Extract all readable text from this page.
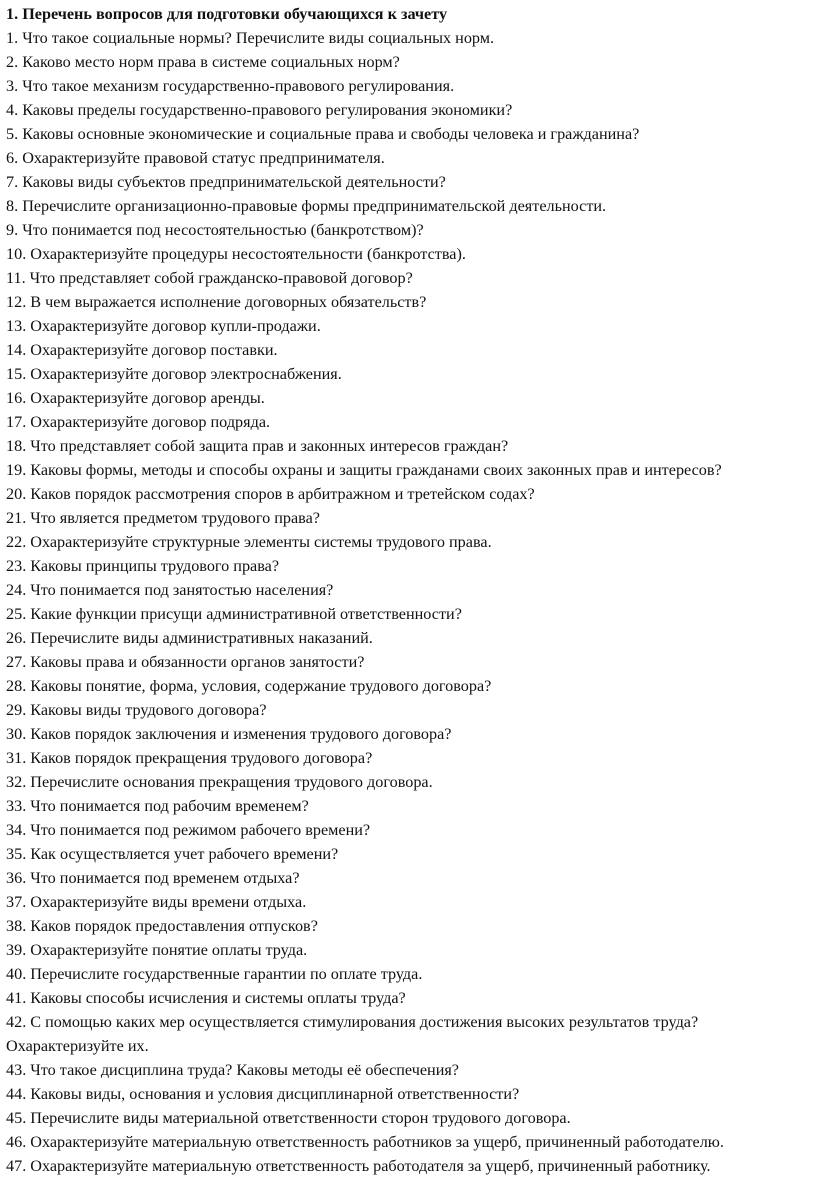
1. Перечень вопросов для подготовки обучающихся к зачету
1. Что такое социальные нормы? Перечислите виды социальных норм.
2. Каково место норм права в системе социальных норм?
3. Что такое механизм государственно-правового регулирования.
4. Каковы пределы государственно-правового регулирования экономики?
5. Каковы основные экономические и социальные права и свободы человека и гражданина?
6. Охарактеризуйте правовой статус предпринимателя.
7. Каковы виды субъектов предпринимательской деятельности?
8. Перечислите организационно-правовые формы предпринимательской деятельности.
9. Что понимается под несостоятельностью (банкротством)?
10. Охарактеризуйте процедуры несостоятельности (банкротства).
11. Что представляет собой гражданско-правовой договор?
12. В чем выражается исполнение договорных обязательств?
13. Охарактеризуйте договор купли-продажи.
14. Охарактеризуйте договор поставки.
15. Охарактеризуйте договор электроснабжения.
16. Охарактеризуйте договор аренды.
17. Охарактеризуйте договор подряда.
18. Что представляет собой защита прав и законных интересов граждан?
19. Каковы формы, методы и способы охраны и защиты гражданами своих законных прав и интересов?
20. Каков порядок рассмотрения споров в арбитражном и третейском содах?
21. Что является предметом трудового права?
22. Охарактеризуйте структурные элементы системы трудового права.
23. Каковы принципы трудового права?
24. Что понимается под занятостью населения?
25. Какие функции присущи административной ответственности?
26. Перечислите виды административных наказаний.
27. Каковы права и обязанности органов занятости?
28. Каковы понятие, форма, условия, содержание трудового договора?
29. Каковы виды трудового договора?
30. Каков порядок заключения и изменения трудового договора?
31. Каков порядок прекращения трудового договора?
32. Перечислите основания прекращения трудового договора.
33. Что понимается под рабочим временем?
34. Что понимается под режимом рабочего времени?
35. Как осуществляется учет рабочего времени?
36. Что понимается под временем отдыха?
37. Охарактеризуйте виды времени отдыха.
38. Каков порядок предоставления отпусков?
39. Охарактеризуйте понятие оплаты труда.
40. Перечислите государственные гарантии по оплате труда.
41. Каковы способы исчисления и системы оплаты труда?
42. С помощью каких мер осуществляется стимулирования достижения высоких результатов труда?
Охарактеризуйте их.
43. Что такое дисциплина труда? Каковы методы её обеспечения?
44. Каковы виды, основания и условия дисциплинарной ответственности?
45. Перечислите виды материальной ответственности сторон трудового договора.
46. Охарактеризуйте материальную ответственность работников за ущерб, причиненный работодателю.
47. Охарактеризуйте материальную ответственность работодателя за ущерб, причиненный работнику.
